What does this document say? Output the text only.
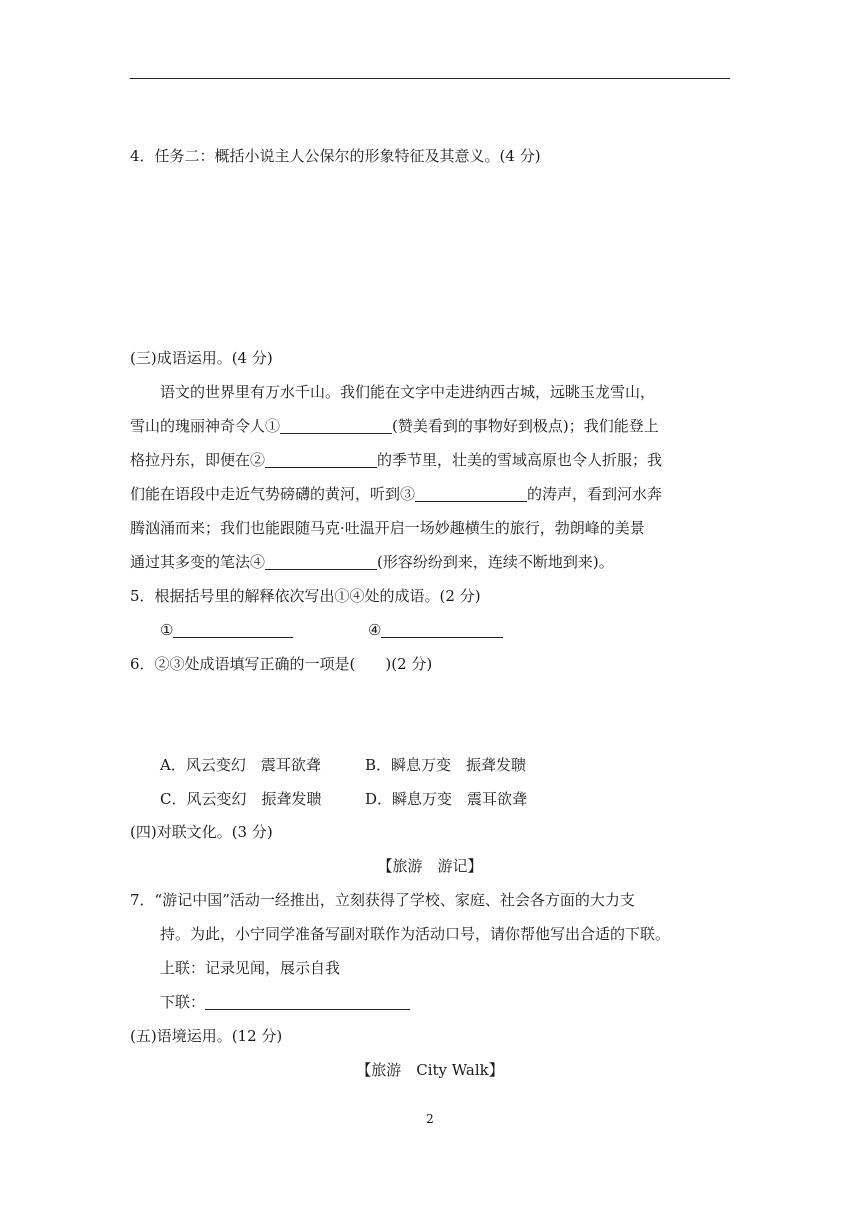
4．任务二：概括小说主人公保尔的形象特征及其意义。(4 分)
(三)成语运用。(4 分)
语文的世界里有万水千山。我们能在文字中走进纳西古城，远眺玉龙雪山，
雪山的瑰丽神奇令人①	(赞美看到的事物好到极点)；我们能登上
格拉丹东，即便在②	的季节里，壮美的雪域高原也令人折服；我
们能在语段中走近气势磅礴的黄河，听到③	的涛声，看到河水奔
腾汹涌而来；我们也能跟随马克·吐温开启一场妙趣横生的旅行，勃朗峰的美景
通过其多变的笔法④	(形容纷纷到来，连续不断地到来)。
5．根据括号里的解释依次写出①④处的成语。(2 分)
①	④
6．②③处成语填写正确的一项是(　　)(2 分)
A．风云变幻　震耳欲聋	B．瞬息万变　振聋发聩
C．风云变幻　振聋发聩	D．瞬息万变　震耳欲聋
(四)对联文化。(3 分)
【旅游　游记】
7．“游记中国”活动一经推出，立刻获得了学校、家庭、社会各方面的大力支
持。为此，小宁同学准备写副对联作为活动口号，请你帮他写出合适的下联。
上联：记录见闻，展示自我
下联：
(五)语境运用。(12 分)
【旅游　City Walk】
2
